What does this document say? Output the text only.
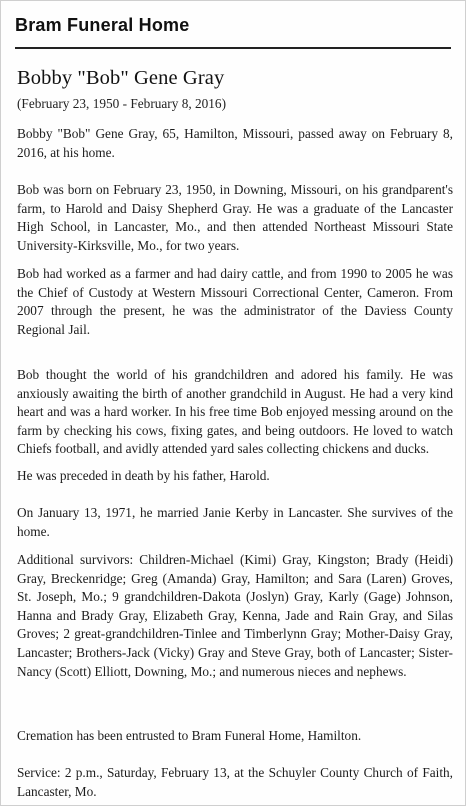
Bram Funeral Home
Bobby "Bob" Gene Gray
(February 23, 1950 - February 8, 2016)

Bobby "Bob" Gene Gray, 65, Hamilton, Missouri, passed away on February 8, 2016, at his home.

Bob was born on February 23, 1950, in Downing, Missouri, on his grandparent's farm, to Harold and Daisy Shepherd Gray. He was a graduate of the Lancaster High School, in Lancaster, Mo., and then attended Northeast Missouri State University-Kirksville, Mo., for two years.

Bob had worked as a farmer and had dairy cattle, and from 1990 to 2005 he was the Chief of Custody at Western Missouri Correctional Center, Cameron. From 2007 through the present, he was the administrator of the Daviess County Regional Jail.

Bob thought the world of his grandchildren and adored his family. He was anxiously awaiting the birth of another grandchild in August. He had a very kind heart and was a hard worker. In his free time Bob enjoyed messing around on the farm by checking his cows, fixing gates, and being outdoors. He loved to watch Chiefs football, and avidly attended yard sales collecting chickens and ducks.

He was preceded in death by his father, Harold.

On January 13, 1971, he married Janie Kerby in Lancaster. She survives of the home.

Additional survivors: Children-Michael (Kimi) Gray, Kingston; Brady (Heidi) Gray, Breckenridge; Greg (Amanda) Gray, Hamilton; and Sara (Laren) Groves, St. Joseph, Mo.; 9 grandchildren-Dakota (Joslyn) Gray, Karly (Gage) Johnson, Hanna and Brady Gray, Elizabeth Gray, Kenna, Jade and Rain Gray, and Silas Groves; 2 great-grandchildren-Tinlee and Timberlynn Gray; Mother-Daisy Gray, Lancaster; Brothers-Jack (Vicky) Gray and Steve Gray, both of Lancaster; Sister-Nancy (Scott) Elliott, Downing, Mo.; and numerous nieces and nephews.

Cremation has been entrusted to Bram Funeral Home, Hamilton.

Service: 2 p.m., Saturday, February 13, at the Schuyler County Church of Faith, Lancaster, Mo.
